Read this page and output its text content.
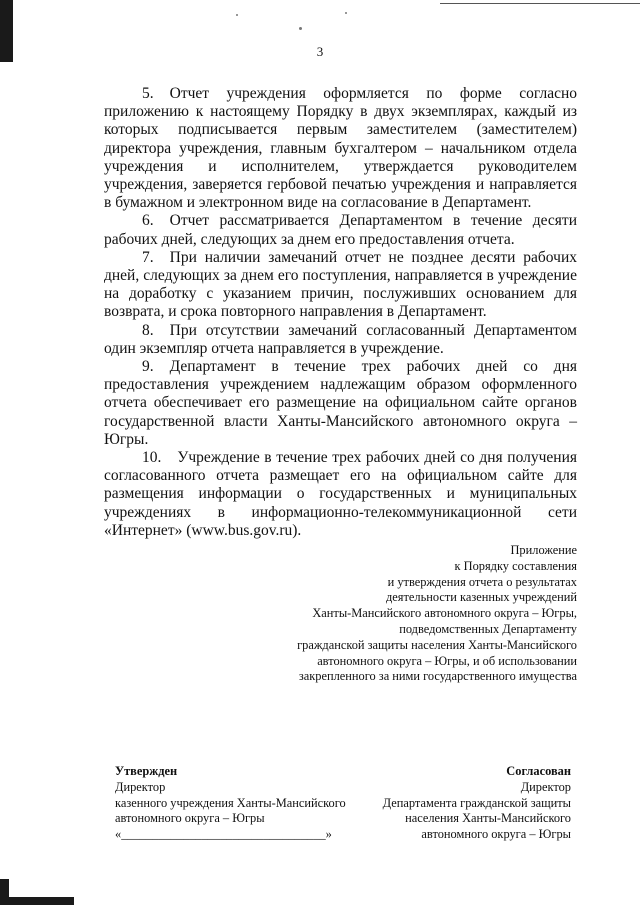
3

5. Отчет учреждения оформляется по форме согласно приложению к настоящему Порядку в двух экземплярах, каждый из которых подписывается первым заместителем (заместителем) директора учреждения, главным бухгалтером – начальником отдела учреждения и исполнителем, утверждается руководителем учреждения, заверяется гербовой печатью учреждения и направляется в бумажном и электронном виде на согласование в Департамент.

6. Отчет рассматривается Департаментом в течение десяти рабочих дней, следующих за днем его предоставления отчета.

7. При наличии замечаний отчет не позднее десяти рабочих дней, следующих за днем его поступления, направляется в учреждение на доработку с указанием причин, послуживших основанием для возврата, и срока повторного направления в Департамент.

8. При отсутствии замечаний согласованный Департаментом один экземпляр отчета направляется в учреждение.

9. Департамент в течение трех рабочих дней со дня предоставления учреждением надлежащим образом оформленного отчета обеспечивает его размещение на официальном сайте органов государственной власти Ханты-Мансийского автономного округа – Югры.

10. Учреждение в течение трех рабочих дней со дня получения согласованного отчета размещает его на официальном сайте для размещения информации о государственных и муниципальных учреждениях в информационно-телекоммуникационной сети «Интернет» (www.bus.gov.ru).

Приложение
к Порядку составления
и утверждения отчета о результатах
деятельности казенных учреждений
Ханты-Мансийского автономного округа – Югры,
подведомственных Департаменту
гражданской защиты населения Ханты-Мансийского
автономного округа – Югры, и об использовании
закрепленного за ними государственного имущества
Утвержден
Директор
казенного учреждения Ханты-Мансийского
автономного округа – Югры
«_________________________________»
Согласован
Директор
Департамента гражданской защиты
населения Ханты-Мансийского
автономного округа – Югры
